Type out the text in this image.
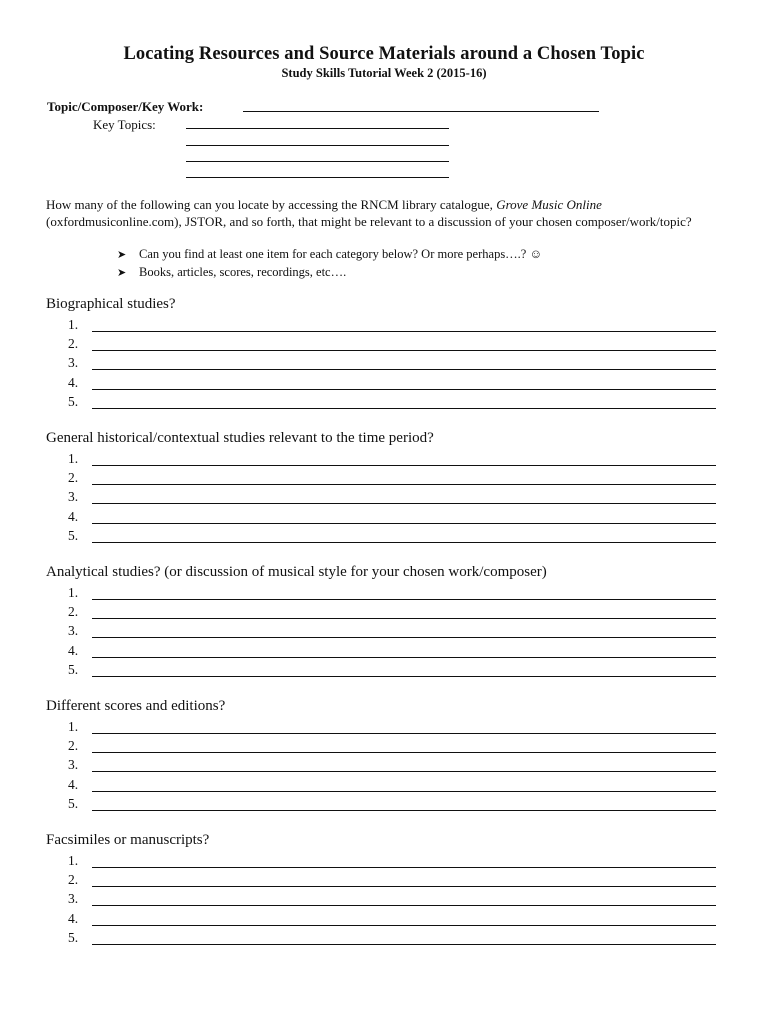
Locating Resources and Source Materials around a Chosen Topic
Study Skills Tutorial Week 2 (2015-16)
Topic/Composer/Key Work:
Key Topics:
How many of the following can you locate by accessing the RNCM library catalogue, Grove Music Online (oxfordmusiconline.com), JSTOR, and so forth, that might be relevant to a discussion of your chosen composer/work/topic?
➤ Can you find at least one item for each category below? Or more perhaps….? ☺
➤ Books, articles, scores, recordings, etc….
Biographical studies?
1.
2.
3.
4.
5.
General historical/contextual studies relevant to the time period?
1.
2.
3.
4.
5.
Analytical studies? (or discussion of musical style for your chosen work/composer)
1.
2.
3.
4.
5.
Different scores and editions?
1.
2.
3.
4.
5.
Facsimiles or manuscripts?
1.
2.
3.
4.
5.
